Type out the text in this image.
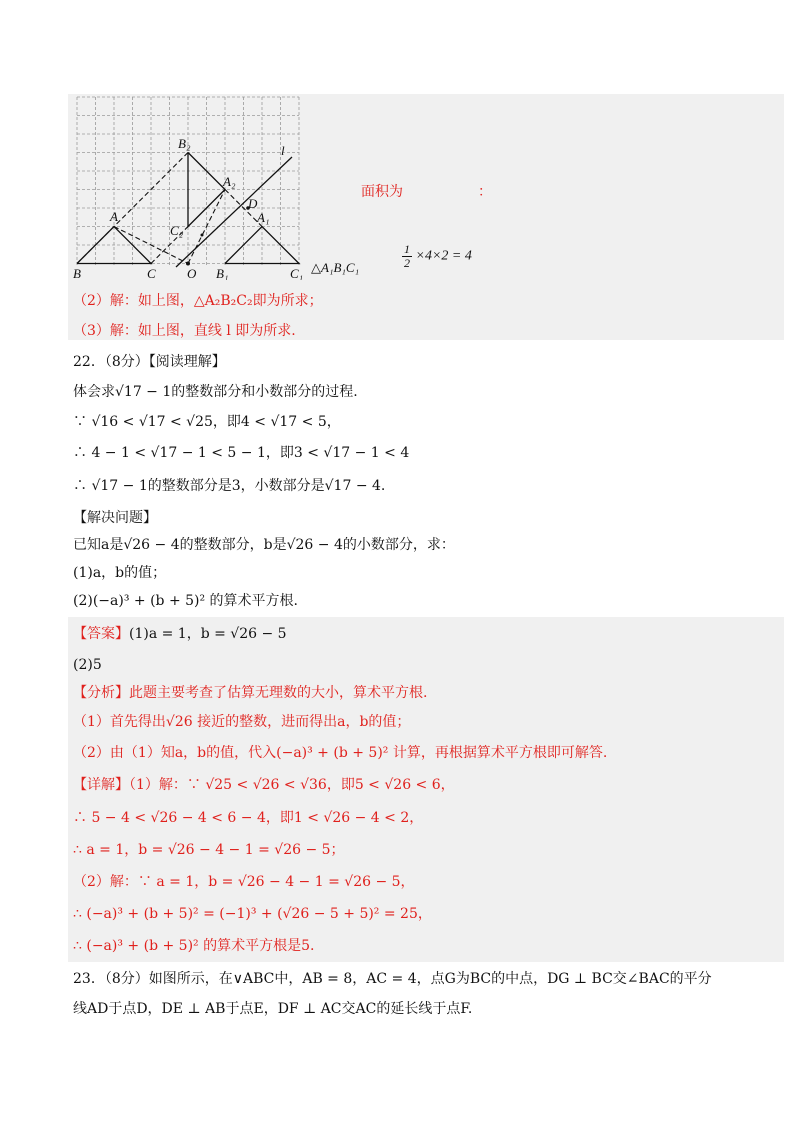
B₂
A₂
C₂
D
A₁
A
B	C O B₁	C₁
l
面积为	：
△A₁B₁C₁	$\frac{1}{2} \times 4\times 2 = 4$
（2）解：如上图，△A₂B₂C₂即为所求；
（3）解：如上图，直线 l 即为所求.
22．（8分）【阅读理解】
体会求√17 − 1的整数部分和小数部分的过程.
∵ √16 < √17 < √25，即4 < √17 < 5，
∴ 4 − 1 < √17 − 1 < 5 − 1，即3 < √17 − 1 < 4
∴ √17 − 1的整数部分是3，小数部分是√17 − 4.
【解决问题】
已知a是√26 − 4的整数部分，b是√26 − 4的小数部分，求：
(1)a，b的值；
(2)(−a)³ + (b + 5)² 的算术平方根.
【答案】(1)a = 1，b = √26 − 5
(2)5
【分析】此题主要考查了估算无理数的大小，算术平方根.
（1）首先得出√26 接近的整数，进而得出a，b的值；
（2）由（1）知a，b的值，代入(−a)³ + (b + 5)² 计算，再根据算术平方根即可解答.
【详解】（1）解：∵ √25 < √26 < √36，即5 < √26 < 6，
∴ 5 − 4 < √26 − 4 < 6 − 4，即1 < √26 − 4 < 2，
∴ a = 1，b = √26 − 4 − 1 = √26 − 5；
（2）解：∵ a = 1，b = √26 − 4 − 1 = √26 − 5，
∴ (−a)³ + (b + 5)² = (−1)³ + (√26 − 5 + 5)² = 25，
∴ (−a)³ + (b + 5)² 的算术平方根是5.
23．（8分）如图所示，在∨ABC中，AB = 8，AC = 4，点G为BC的中点，DG ⊥ BC交∠BAC的平分
线AD于点D，DE ⊥ AB于点E，DF ⊥ AC交AC的延长线于点F.
